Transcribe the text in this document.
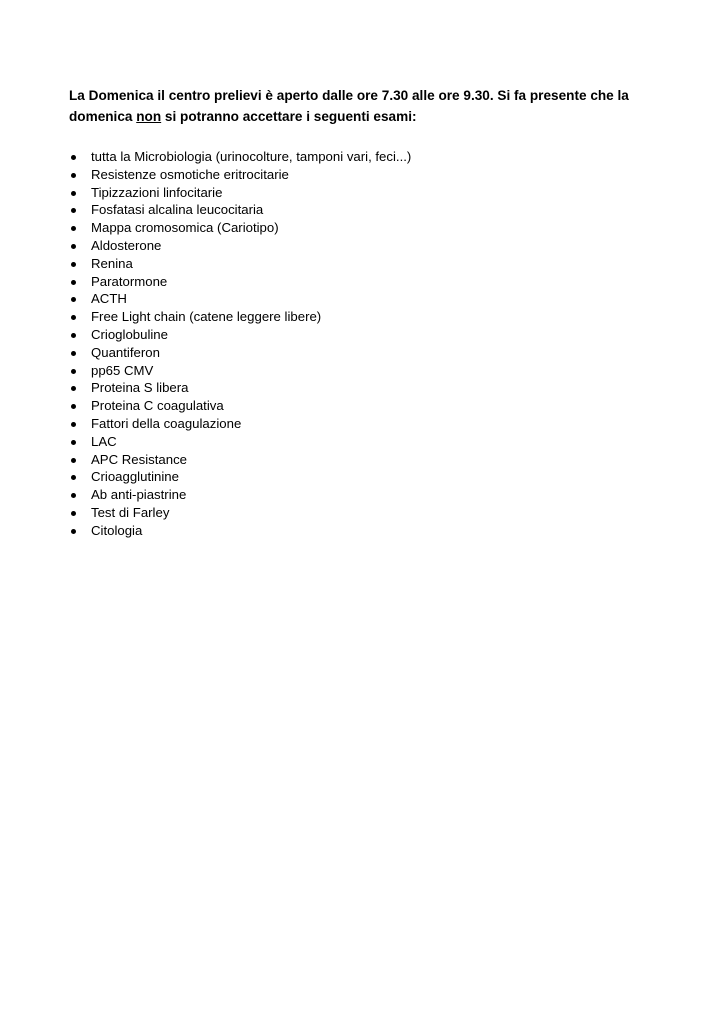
La Domenica il centro prelievi è aperto dalle ore 7.30 alle ore 9.30. Si fa presente che la domenica non si potranno accettare i seguenti esami:

tutta la Microbiologia (urinocolture, tamponi vari, feci...)
Resistenze osmotiche eritrocitarie
Tipizzazioni linfocitarie
Fosfatasi alcalina leucocitaria
Mappa cromosomica (Cariotipo)
Aldosterone
Renina
Paratormone
ACTH
Free Light chain (catene leggere libere)
Crioglobuline
Quantiferon
pp65 CMV
Proteina S libera
Proteina C coagulativa
Fattori della coagulazione
LAC
APC Resistance
Crioagglutinine
Ab anti-piastrine
Test di Farley
Citologia
